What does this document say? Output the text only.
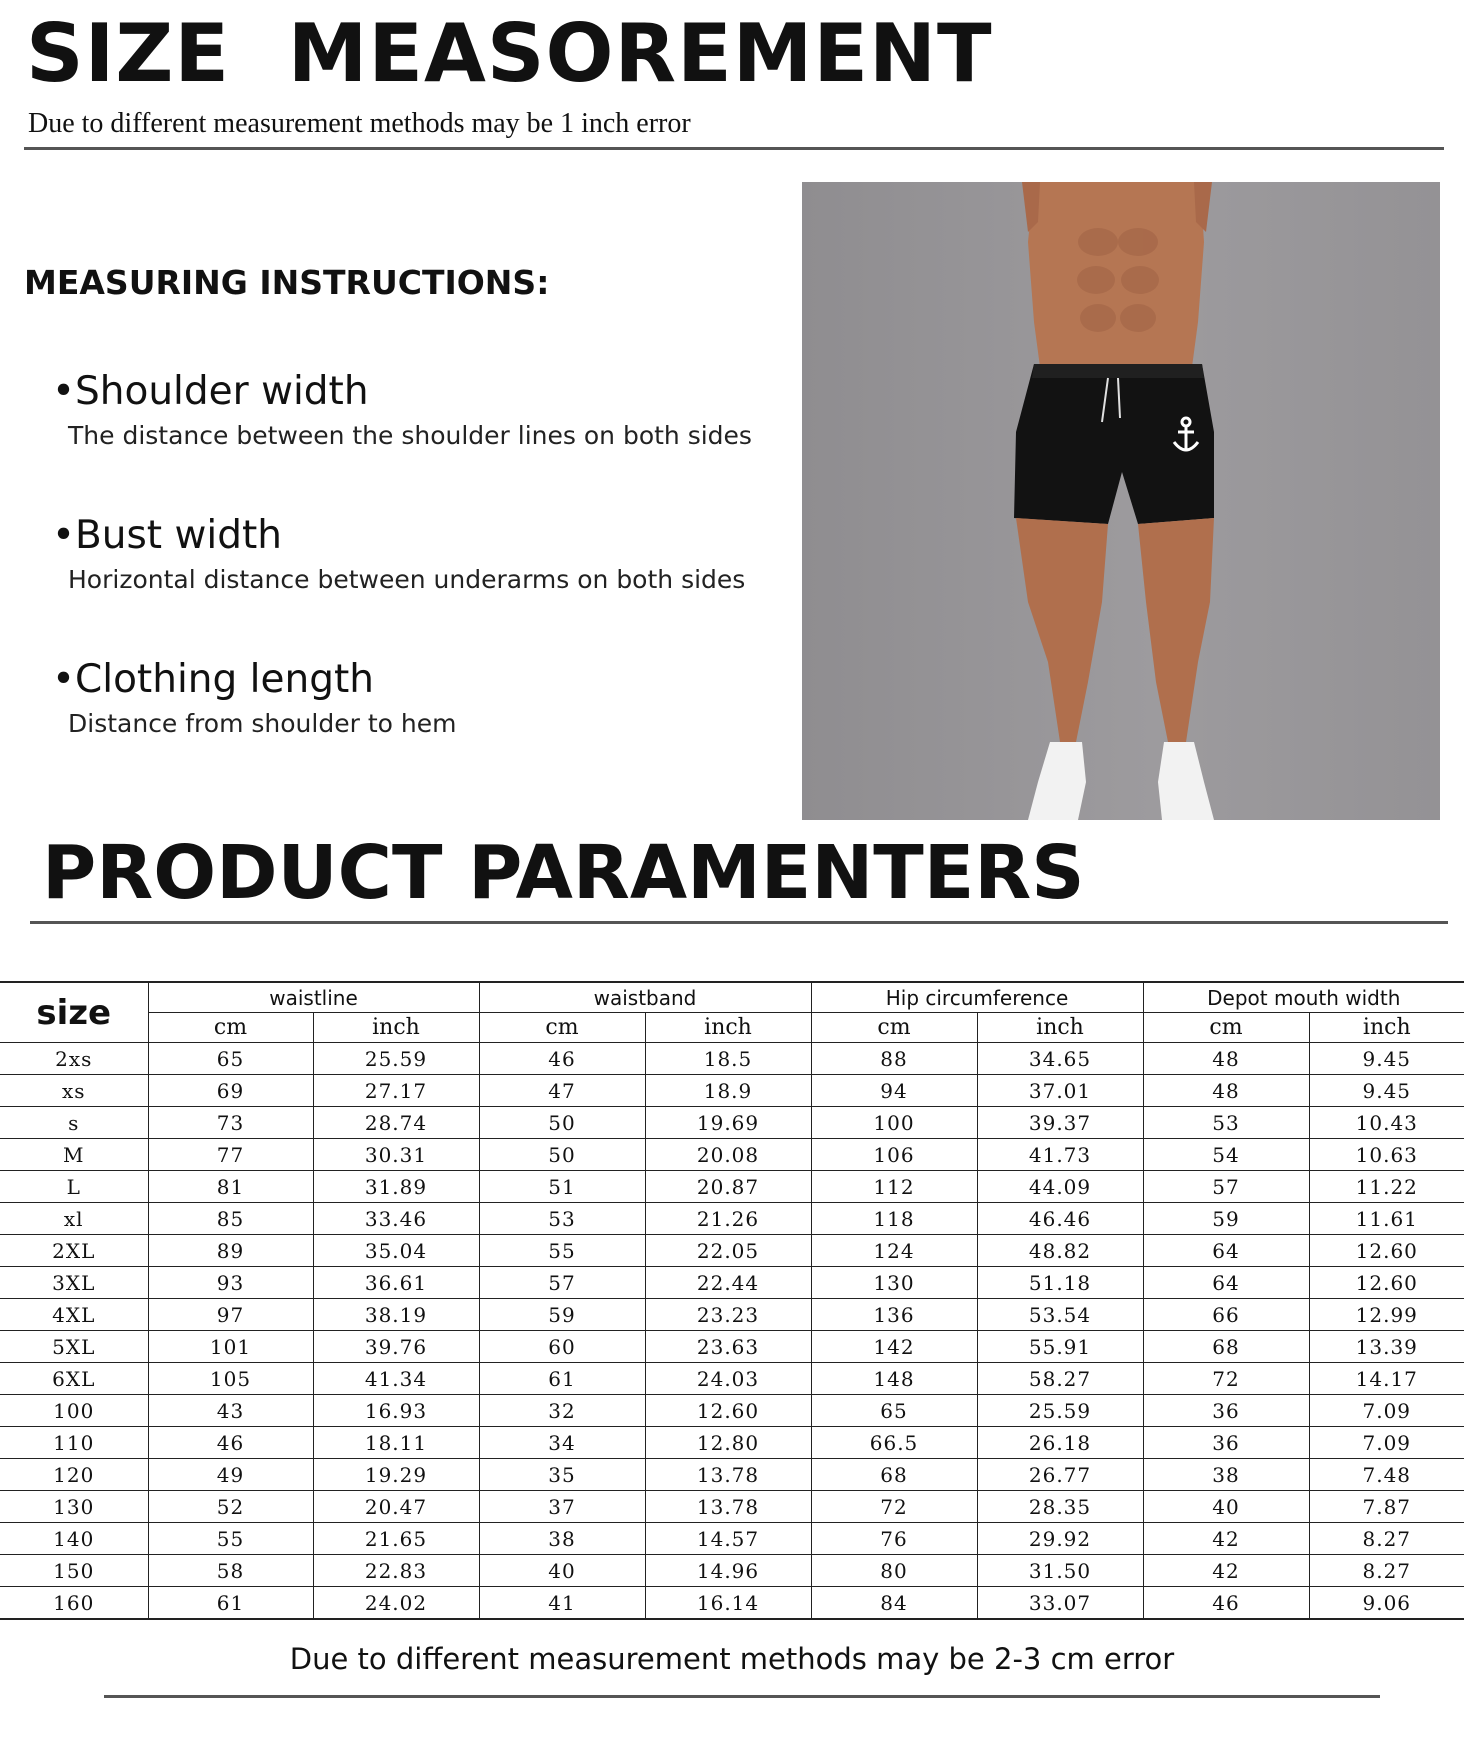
SIZE  MEASOREMENT
Due to different measurement methods may be 1 inch error
MEASURING INSTRUCTIONS:
•Shoulder width
The distance between the shoulder lines on both sides
•Bust width
Horizontal distance between underarms on both sides
•Clothing length
Distance from shoulder to hem
PRODUCT PARAMENTERS
size	waistline		waistband		Hip circumference		Depot mouth width	
	cm	inch	cm	inch	cm	inch	cm	inch
2xs	65	25.59	46	18.5	88	34.65	48	9.45
xs	69	27.17	47	18.9	94	37.01	48	9.45
s	73	28.74	50	19.69	100	39.37	53	10.43
M	77	30.31	50	20.08	106	41.73	54	10.63
L	81	31.89	51	20.87	112	44.09	57	11.22
xl	85	33.46	53	21.26	118	46.46	59	11.61
2XL	89	35.04	55	22.05	124	48.82	64	12.60
3XL	93	36.61	57	22.44	130	51.18	64	12.60
4XL	97	38.19	59	23.23	136	53.54	66	12.99
5XL	101	39.76	60	23.63	142	55.91	68	13.39
6XL	105	41.34	61	24.03	148	58.27	72	14.17
100	43	16.93	32	12.60	65	25.59	36	7.09
110	46	18.11	34	12.80	66.5	26.18	36	7.09
120	49	19.29	35	13.78	68	26.77	38	7.48
130	52	20.47	37	13.78	72	28.35	40	7.87
140	55	21.65	38	14.57	76	29.92	42	8.27
150	58	22.83	40	14.96	80	31.50	42	8.27
160	61	24.02	41	16.14	84	33.07	46	9.06
Due to different measurement methods may be 2-3 cm error
